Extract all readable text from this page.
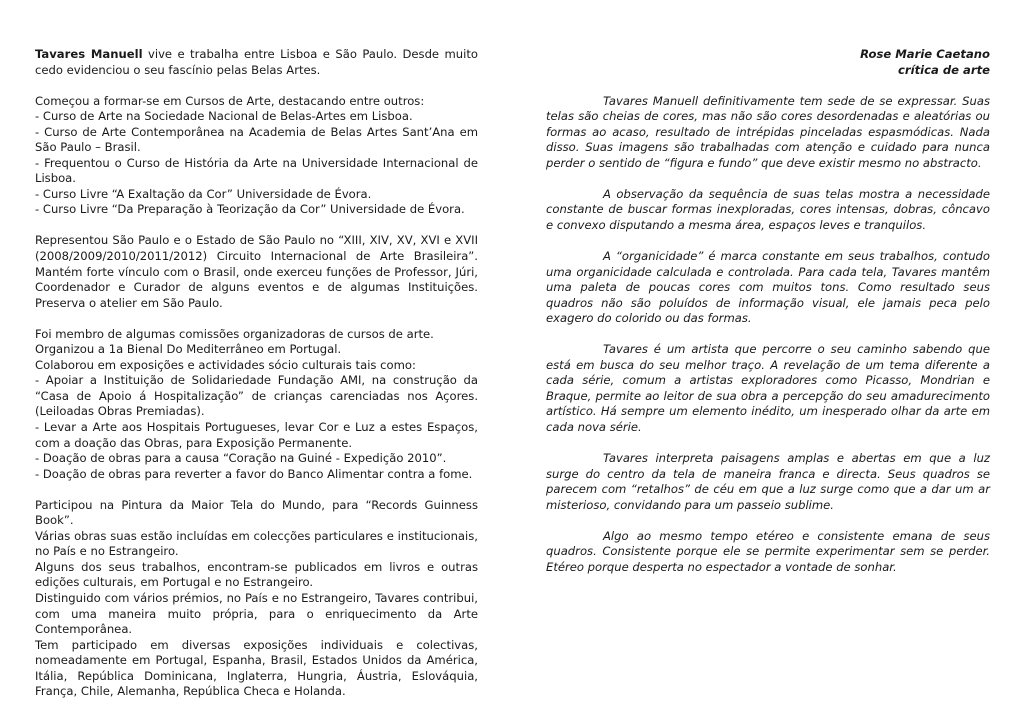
Tavares Manuell vive e trabalha entre Lisboa e São Paulo. Desde muito cedo evidenciou o seu fascínio pelas Belas Artes.

Começou a formar-se em Cursos de Arte, destacando entre outros:
- Curso de Arte na Sociedade Nacional de Belas-Artes em Lisboa.
- Curso de Arte Contemporânea na Academia de Belas Artes Sant’Ana em São Paulo – Brasil.
- Frequentou o Curso de História da Arte na Universidade Internacional de Lisboa.
- Curso Livre “A Exaltação da Cor” Universidade de Évora.
- Curso Livre “Da Preparação à Teorização da Cor” Universidade de Évora.

Representou São Paulo e o Estado de São Paulo no “XIII, XIV, XV, XVI e XVII (2008/2009/2010/2011/2012) Circuito Internacional de Arte Brasileira”. Mantém forte vínculo com o Brasil, onde exerceu funções de Professor, Júri, Coordenador e Curador de alguns eventos e de algumas Instituições. Preserva o atelier em São Paulo.

Foi membro de algumas comissões organizadoras de cursos de arte.
Organizou a 1a Bienal Do Mediterrâneo em Portugal.
Colaborou em exposições e actividades sócio culturais tais como:
- Apoiar a Instituição de Solidariedade Fundação AMI, na construção da “Casa de Apoio á Hospitalização” de crianças carenciadas nos Açores. (Leiloadas Obras Premiadas).
- Levar a Arte aos Hospitais Portugueses, levar Cor e Luz a estes Espaços, com a doação das Obras, para Exposição Permanente.
- Doação de obras para a causa “Coração na Guiné - Expedição 2010”.
- Doação de obras para reverter a favor do Banco Alimentar contra a fome.

Participou na Pintura da Maior Tela do Mundo, para “Records Guinness Book”.
Várias obras suas estão incluídas em colecções particulares e institucionais, no País e no Estrangeiro.
Alguns dos seus trabalhos, encontram-se publicados em livros e outras edições culturais, em Portugal e no Estrangeiro.
Distinguido com vários prémios, no País e no Estrangeiro, Tavares contribui, com uma maneira muito própria, para o enriquecimento da Arte Contemporânea.
Tem participado em diversas exposições individuais e colectivas, nomeadamente em Portugal, Espanha, Brasil, Estados Unidos da América, Itália, República Dominicana, Inglaterra, Hungria, Áustria, Eslováquia, França, Chile, Alemanha, República Checa e Holanda.

Rose Marie Caetano
crítica de arte

Tavares Manuell definitivamente tem sede de se expressar. Suas telas são cheias de cores, mas não são cores desordenadas e aleatórias ou formas ao acaso, resultado de intrépidas pinceladas espasmódicas. Nada disso. Suas imagens são trabalhadas com atenção e cuidado para nunca perder o sentido de “figura e fundo” que deve existir mesmo no abstracto.

A observação da sequência de suas telas mostra a necessidade constante de buscar formas inexploradas, cores intensas, dobras, côncavo e convexo disputando a mesma área, espaços leves e tranquilos.

A “organicidade” é marca constante em seus trabalhos, contudo uma organicidade calculada e controlada. Para cada tela, Tavares mantêm uma paleta de poucas cores com muitos tons. Como resultado seus quadros não são poluídos de informação visual, ele jamais peca pelo exagero do colorido ou das formas.

Tavares é um artista que percorre o seu caminho sabendo que está em busca do seu melhor traço. A revelação de um tema diferente a cada série, comum a artistas exploradores como Picasso, Mondrian e Braque, permite ao leitor de sua obra a percepção do seu amadurecimento artístico. Há sempre um elemento inédito, um inesperado olhar da arte em cada nova série.

Tavares interpreta paisagens amplas e abertas em que a luz surge do centro da tela de maneira franca e directa. Seus quadros se parecem com “retalhos” de céu em que a luz surge como que a dar um ar misterioso, convidando para um passeio sublime.

Algo ao mesmo tempo etéreo e consistente emana de seus quadros. Consistente porque ele se permite experimentar sem se perder. Etéreo porque desperta no espectador a vontade de sonhar.
